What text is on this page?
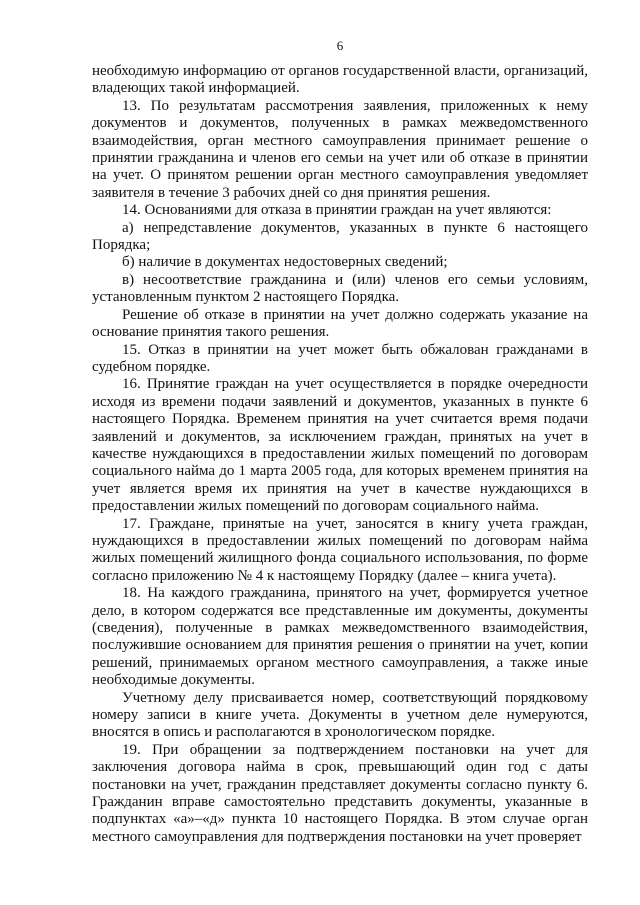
6

необходимую информацию от органов государственной власти, организаций, владеющих такой информацией.

13. По результатам рассмотрения заявления, приложенных к нему документов и документов, полученных в рамках межведомственного взаимодействия, орган местного самоуправления принимает решение о принятии гражданина и членов его семьи на учет или об отказе в принятии на учет. О принятом решении орган местного самоуправления уведомляет заявителя в течение 3 рабочих дней со дня принятия решения.

14. Основаниями для отказа в принятии граждан на учет являются:

а) непредставление документов, указанных в пункте 6 настоящего Порядка;

б) наличие в документах недостоверных сведений;

в) несоответствие гражданина и (или) членов его семьи условиям, установленным пунктом 2 настоящего Порядка.

Решение об отказе в принятии на учет должно содержать указание на основание принятия такого решения.

15. Отказ в принятии на учет может быть обжалован гражданами в судебном порядке.

16. Принятие граждан на учет осуществляется в порядке очередности исходя из времени подачи заявлений и документов, указанных в пункте 6 настоящего Порядка. Временем принятия на учет считается время подачи заявлений и документов, за исключением граждан, принятых на учет в качестве нуждающихся в предоставлении жилых помещений по договорам социального найма до 1 марта 2005 года, для которых временем принятия на учет является время их принятия на учет в качестве нуждающихся в предоставлении жилых помещений по договорам социального найма.

17. Граждане, принятые на учет, заносятся в книгу учета граждан, нуждающихся в предоставлении жилых помещений по договорам найма жилых помещений жилищного фонда социального использования, по форме согласно приложению № 4 к настоящему Порядку (далее – книга учета).

18. На каждого гражданина, принятого на учет, формируется учетное дело, в котором содержатся все представленные им документы, документы (сведения), полученные в рамках межведомственного взаимодействия, послужившие основанием для принятия решения о принятии на учет, копии решений, принимаемых органом местного самоуправления, а также иные необходимые документы.

Учетному делу присваивается номер, соответствующий порядковому номеру записи в книге учета. Документы в учетном деле нумеруются, вносятся в опись и располагаются в хронологическом порядке.

19. При обращении за подтверждением постановки на учет для заключения договора найма в срок, превышающий один год с даты постановки на учет, гражданин представляет документы согласно пункту 6. Гражданин вправе самостоятельно представить документы, указанные в подпунктах «а»–«д» пункта 10 настоящего Порядка. В этом случае орган местного самоуправления для подтверждения постановки на учет проверяет
